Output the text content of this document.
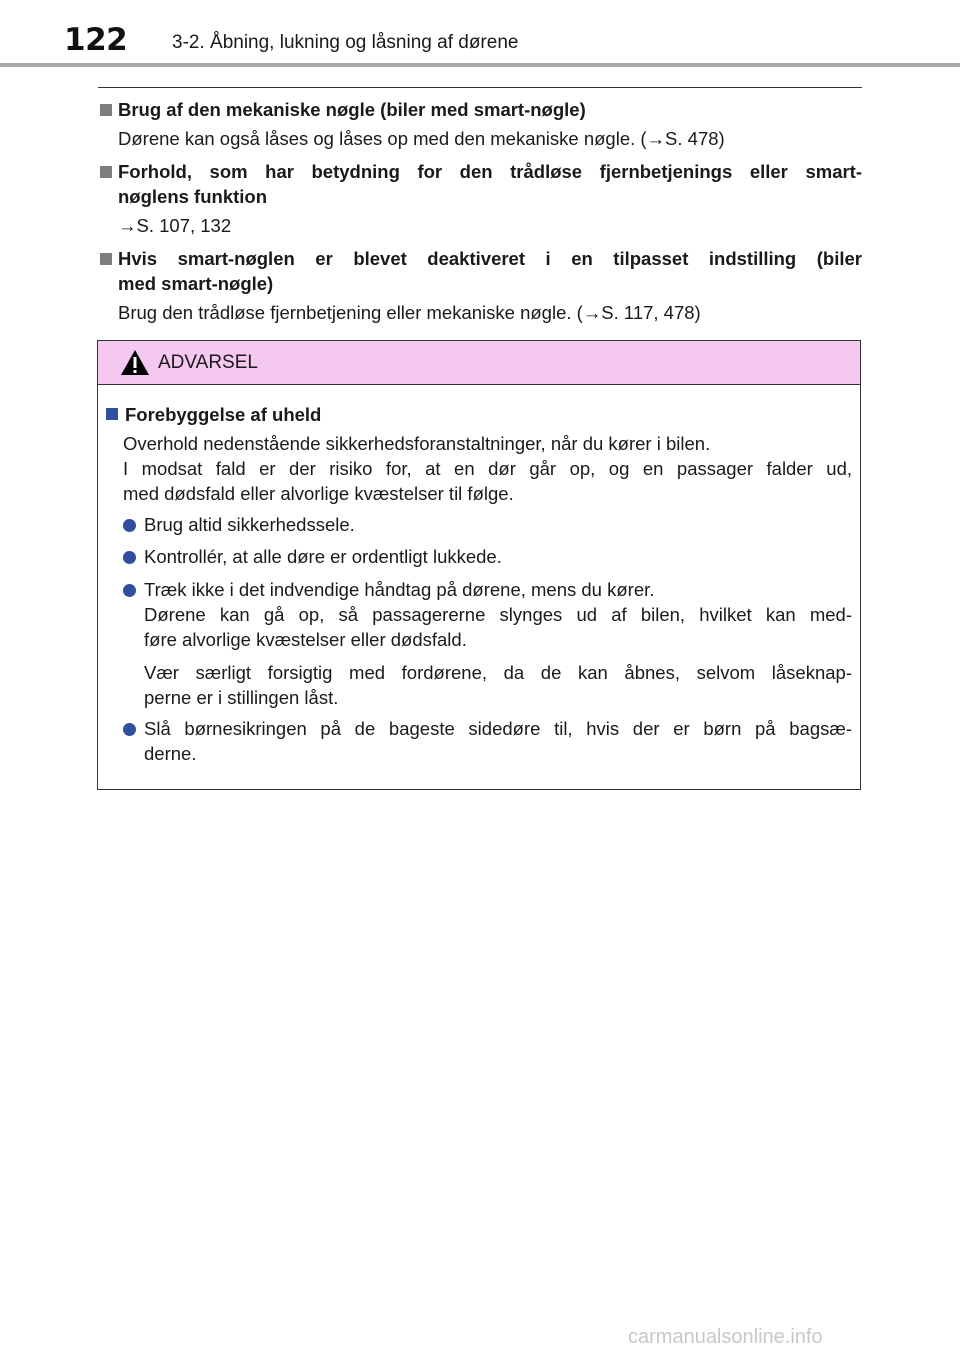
122 3-2. Åbning, lukning og låsning af dørene
Brug af den mekaniske nøgle (biler med smart-nøgle)
Dørene kan også låses og låses op med den mekaniske nøgle. (→S. 478)
Forhold, som har betydning for den trådløse fjernbetjenings eller smart-
nøglens funktion
→S. 107, 132
Hvis smart-nøglen er blevet deaktiveret i en tilpasset indstilling (biler
med smart-nøgle)
Brug den trådløse fjernbetjening eller mekaniske nøgle. (→S. 117, 478)
ADVARSEL
Forebyggelse af uheld
Overhold nedenstående sikkerhedsforanstaltninger, når du kører i bilen.
I modsat fald er der risiko for, at en dør går op, og en passager falder ud,
med dødsfald eller alvorlige kvæstelser til følge.

Brug altid sikkerhedssele.

Kontrollér, at alle døre er ordentligt lukkede.

Træk ikke i det indvendige håndtag på dørene, mens du kører.

Dørene kan gå op, så passagererne slynges ud af bilen, hvilket kan med-

føre alvorlige kvæstelser eller dødsfald.

Vær særligt forsigtig med fordørene, da de kan åbnes, selvom låseknap-

perne er i stillingen låst.

Slå børnesikringen på de bageste sidedøre til, hvis der er børn på bagsæ-

derne.

carmanualsonline.info
